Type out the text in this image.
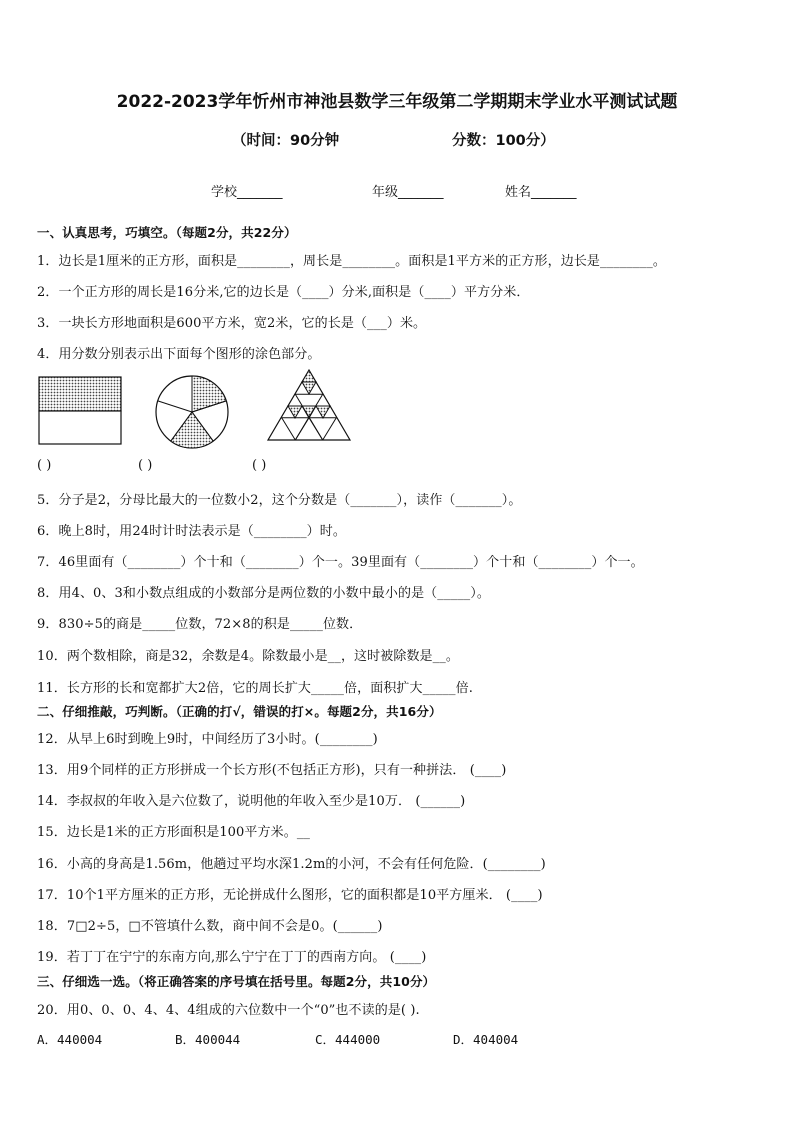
2022-2023学年忻州市神池县数学三年级第二学期期末学业水平测试试题
（时间：90分钟	分数：100分）
学校_______	年级_______	姓名_______
一、认真思考，巧填空。（每题2分，共22分）
1．边长是1厘米的正方形，面积是________，周长是________。面积是1平方米的正方形，边长是________。
2．一个正方形的周长是16分米,它的边长是（____）分米,面积是（____）平方分米．
3．一块长方形地面积是600平方米，宽2米，它的长是（___）米。
4．用分数分别表示出下面每个图形的涂色部分。
( )	( )	( )
5．分子是2，分母比最大的一位数小2，这个分数是（_______），读作（_______）。
6．晚上8时，用24时计时法表示是（________）时。
7．46里面有（________）个十和（________）个一。39里面有（________）个十和（________）个一。
8．用4、0、3和小数点组成的小数部分是两位数的小数中最小的是（_____）。
9．830÷5的商是_____位数，72×8的积是_____位数．
10．两个数相除，商是32，余数是4。除数最小是__，这时被除数是__。
11．长方形的长和宽都扩大2倍，它的周长扩大_____倍，面积扩大_____倍.
二、仔细推敲，巧判断。（正确的打√，错误的打×。每题2分，共16分）
12．从早上6时到晚上9时，中间经历了3小时。(________)
13．用9个同样的正方形拼成一个长方形(不包括正方形)，只有一种拼法． (____)
14．李叔叔的年收入是六位数了，说明他的年收入至少是10万． (______)
15．边长是1米的正方形面积是100平方米。__
16．小高的身高是1.56m，他趟过平均水深1.2m的小河，不会有任何危险．(________)
17．10个1平方厘米的正方形，无论拼成什么图形，它的面积都是10平方厘米． (____)
18．7□2÷5，□不管填什么数，商中间不会是0。(______)
19．若丁丁在宁宁的东南方向,那么宁宁在丁丁的西南方向。 (____)
三、仔细选一选。（将正确答案的序号填在括号里。每题2分，共10分）
20．用0、0、0、4、4、4组成的六位数中一个“0”也不读的是( ).
A．440004	B．400044	C．444000	D．404004
